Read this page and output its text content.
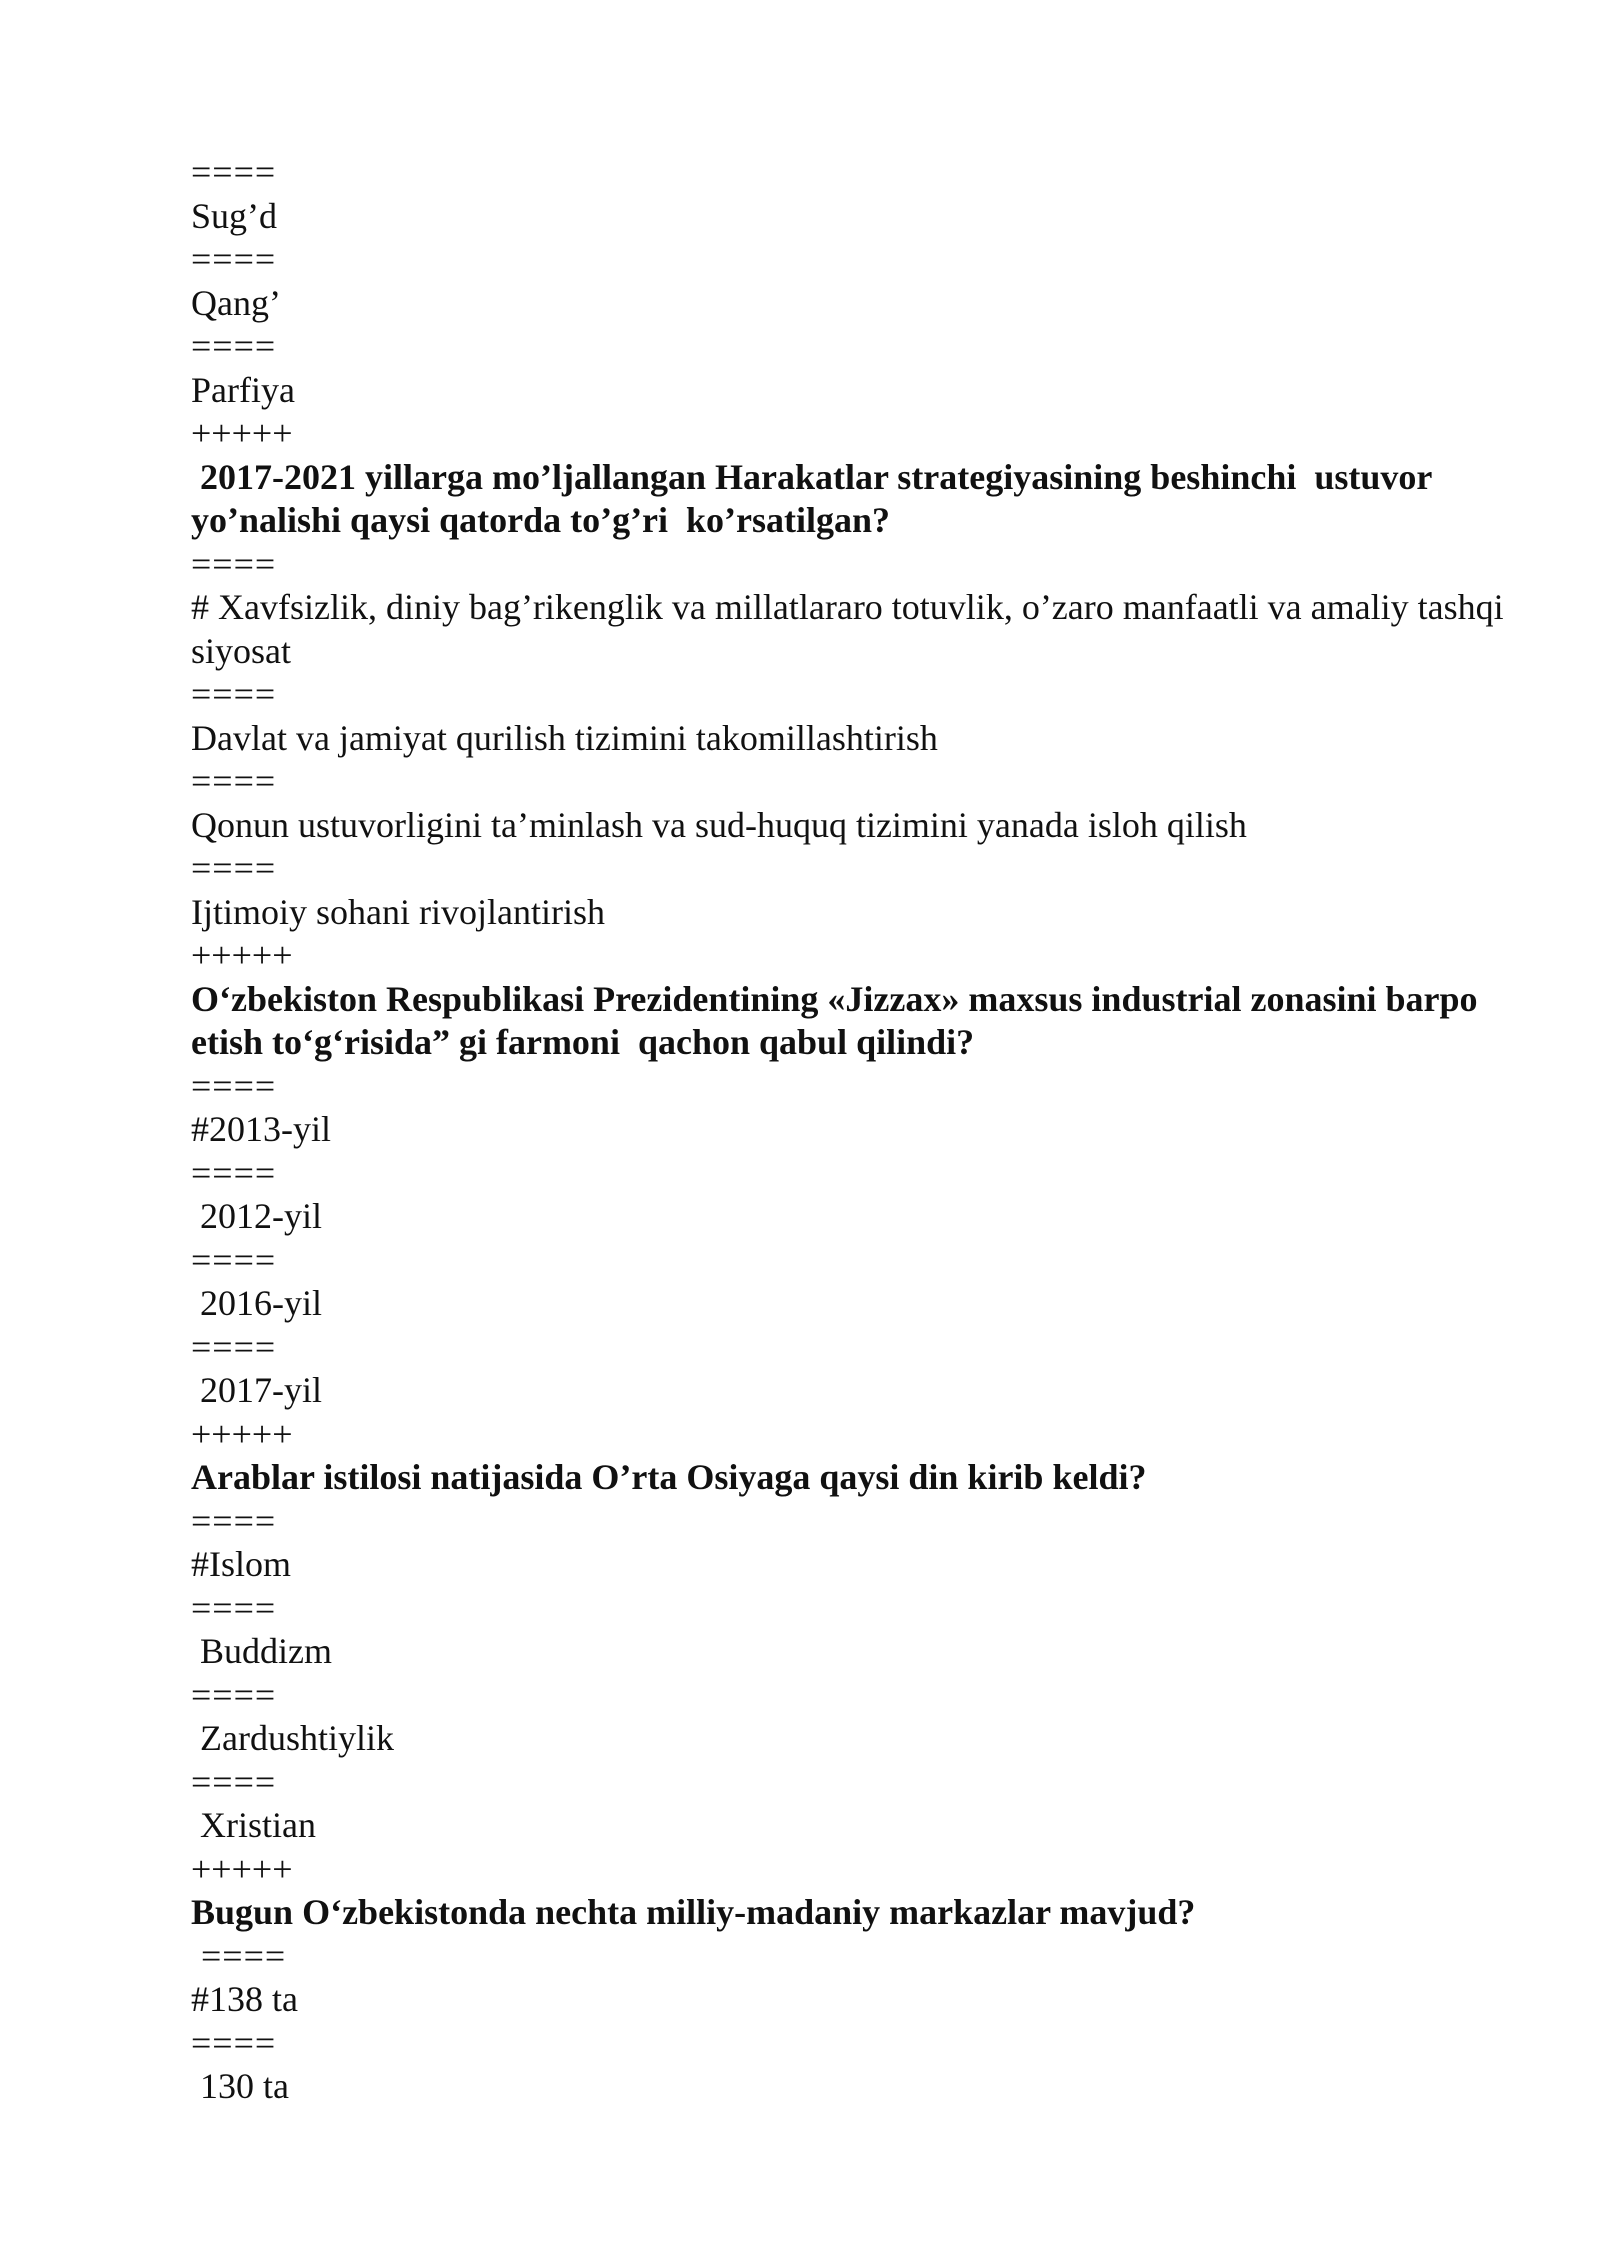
====
Sug’d
====
Qang’
====
Parfiya
+++++
2017-2021 yillarga mo’ljallangan Harakatlar strategiyasining beshinchi  ustuvor yo’nalishi qaysi qatorda to’g’ri  ko’rsatilgan?
====
# Xavfsizlik, diniy bag’rikenglik va millatlararo totuvlik, o’zaro manfaatli va amaliy tashqi siyosat
====
Davlat va jamiyat qurilish tizimini takomillashtirish
====
Qonun ustuvorligini ta’minlash va sud-huquq tizimini yanada isloh qilish
====
Ijtimoiy sohani rivojlantirish
+++++
O‘zbekiston Respublikasi Prezidentining «Jizzax» maxsus industrial zonasini barpo etish to‘g‘risida” gi farmoni  qachon qabul qilindi?
====
#2013-yil
====
2012-yil
====
2016-yil
====
2017-yil
+++++
Arablar istilosi natijasida O’rta Osiyaga qaysi din kirib keldi?
====
#Islom
====
Buddizm
====
Zardushtiylik
====
Xristian
+++++
Bugun O‘zbekistonda nechta milliy-madaniy markazlar mavjud?
====
#138 ta
====
130 ta
